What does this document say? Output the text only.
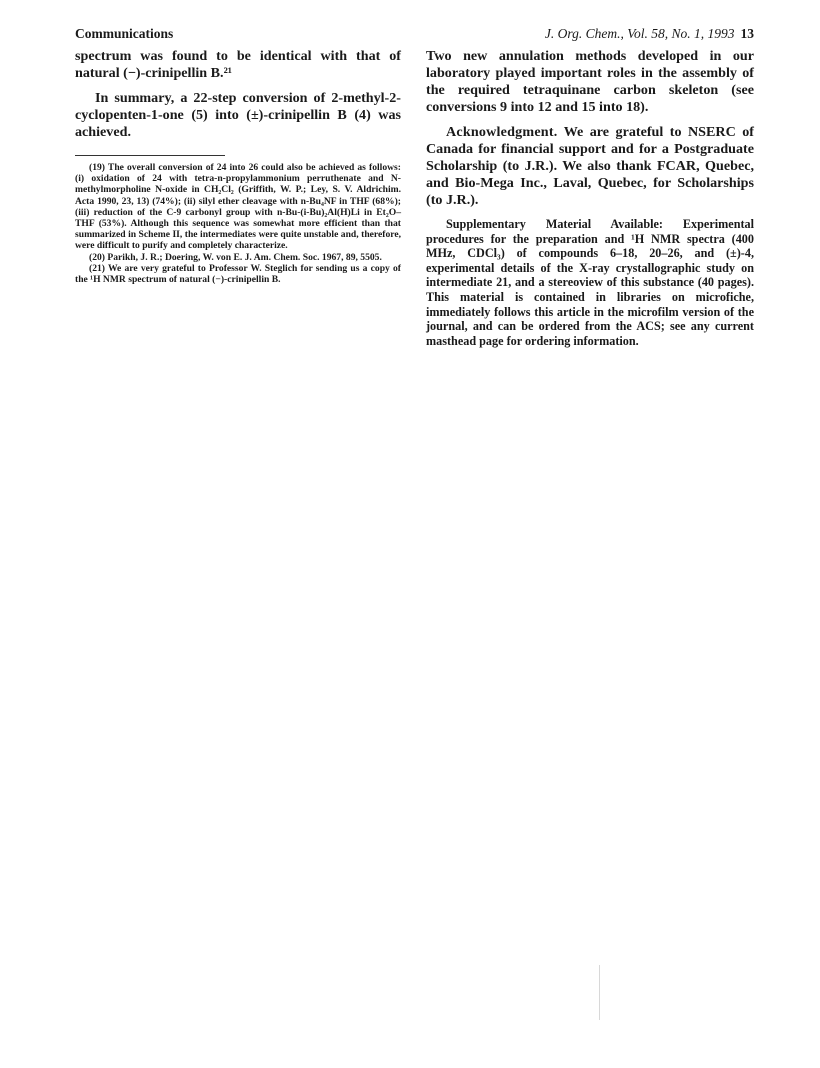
Communications	J. Org. Chem., Vol. 58, No. 1, 1993 13

spectrum was found to be identical with that of natural (−)-crinipellin B.²¹

In summary, a 22-step conversion of 2-methyl-2-cyclopenten-1-one (5) into (±)-crinipellin B (4) was achieved.

(19) The overall conversion of 24 into 26 could also be achieved as follows: (i) oxidation of 24 with tetra-n-propylammonium perruthenate and N-methylmorpholine N-oxide in CH₂Cl₂ (Griffith, W. P.; Ley, S. V. Aldrichim. Acta 1990, 23, 13) (74%); (ii) silyl ether cleavage with n-Bu₄NF in THF (68%); (iii) reduction of the C-9 carbonyl group with n-Bu-(i-Bu)₂Al(H)Li in Et₂O–THF (53%). Although this sequence was somewhat more efficient than that summarized in Scheme II, the intermediates were quite unstable and, therefore, were difficult to purify and completely characterize.

(20) Parikh, J. R.; Doering, W. von E. J. Am. Chem. Soc. 1967, 89, 5505.

(21) We are very grateful to Professor W. Steglich for sending us a copy of the ¹H NMR spectrum of natural (−)-crinipellin B.

Two new annulation methods developed in our laboratory played important roles in the assembly of the required tetraquinane carbon skeleton (see conversions 9 into 12 and 15 into 18).

Acknowledgment. We are grateful to NSERC of Canada for financial support and for a Postgraduate Scholarship (to J.R.). We also thank FCAR, Quebec, and Bio-Mega Inc., Laval, Quebec, for Scholarships (to J.R.).

Supplementary Material Available: Experimental procedures for the preparation and ¹H NMR spectra (400 MHz, CDCl₃) of compounds 6–18, 20–26, and (±)-4, experimental details of the X-ray crystallographic study on intermediate 21, and a stereoview of this substance (40 pages). This material is contained in libraries on microfiche, immediately follows this article in the microfilm version of the journal, and can be ordered from the ACS; see any current masthead page for ordering information.
